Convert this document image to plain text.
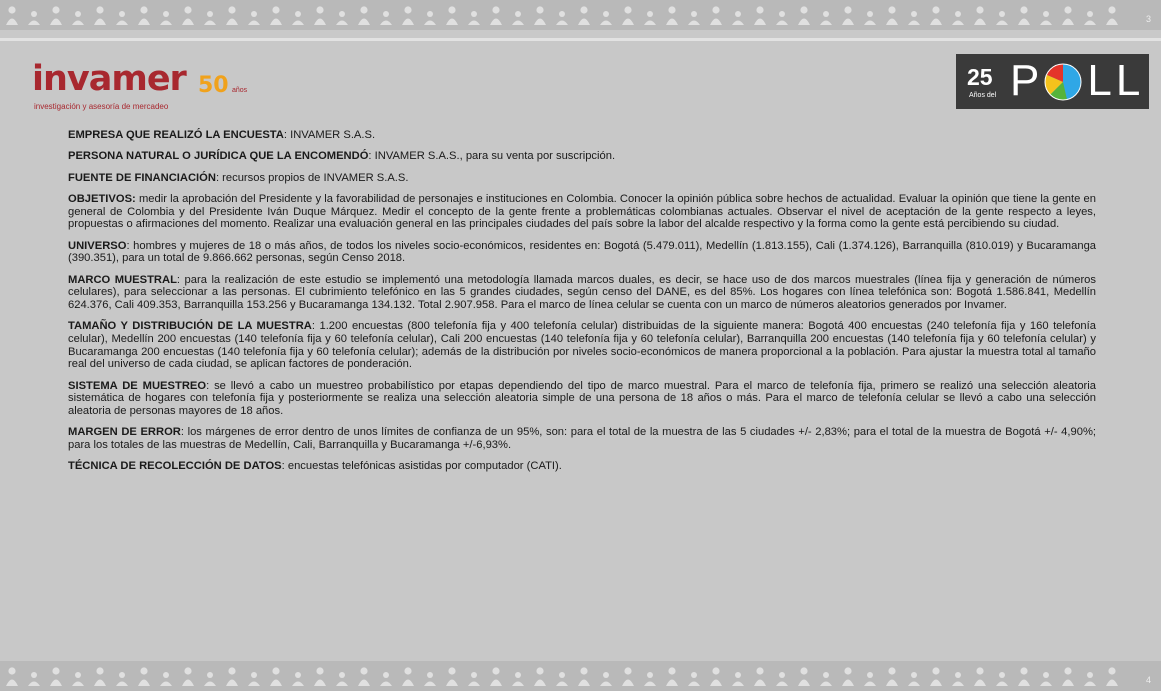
3
invamer 50 años
investigación y asesoría de mercadeo
25
Años del P LL

EMPRESA QUE REALIZÓ LA ENCUESTA: INVAMER S.A.S.

PERSONA NATURAL O JURÍDICA QUE LA ENCOMENDÓ: INVAMER S.A.S., para su venta por suscripción.

FUENTE DE FINANCIACIÓN: recursos propios de INVAMER S.A.S.

OBJETIVOS: medir la aprobación del Presidente y la favorabilidad de personajes e instituciones en Colombia. Conocer la opinión pública sobre hechos de actualidad. Evaluar la opinión que tiene la gente en general de Colombia y del Presidente Iván Duque Márquez. Medir el concepto de la gente frente a problemáticas colombianas actuales. Observar el nivel de aceptación de la gente respecto a leyes, propuestas o afirmaciones del momento. Realizar una evaluación general en las principales ciudades del país sobre la labor del alcalde respectivo y la forma como la gente está percibiendo su ciudad.

UNIVERSO: hombres y mujeres de 18 o más años, de todos los niveles socio-económicos, residentes en: Bogotá (5.479.011), Medellín (1.813.155), Cali (1.374.126), Barranquilla (810.019) y Bucaramanga (390.351), para un total de 9.866.662 personas, según Censo 2018.

MARCO MUESTRAL: para la realización de este estudio se implementó una metodología llamada marcos duales, es decir, se hace uso de dos marcos muestrales (línea fija y generación de números celulares), para seleccionar a las personas. El cubrimiento telefónico en las 5 grandes ciudades, según censo del DANE, es del 85%. Los hogares con línea telefónica son: Bogotá 1.586.841, Medellín 624.376, Cali 409.353, Barranquilla 153.256 y Bucaramanga 134.132. Total 2.907.958. Para el marco de línea celular se cuenta con un marco de números aleatorios generados por Invamer.

TAMAÑO Y DISTRIBUCIÓN DE LA MUESTRA: 1.200 encuestas (800 telefonía fija y 400 telefonía celular) distribuidas de la siguiente manera: Bogotá 400 encuestas (240 telefonía fija y 160 telefonía celular), Medellín 200 encuestas (140 telefonía fija y 60 telefonía celular), Cali 200 encuestas (140 telefonía fija y 60 telefonía celular), Barranquilla 200 encuestas (140 telefonía fija y 60 telefonía celular) y Bucaramanga 200 encuestas (140 telefonía fija y 60 telefonía celular); además de la distribución por niveles socio-económicos de manera proporcional a la población. Para ajustar la muestra total al tamaño real del universo de cada ciudad, se aplican factores de ponderación.

SISTEMA DE MUESTREO: se llevó a cabo un muestreo probabilístico por etapas dependiendo del tipo de marco muestral. Para el marco de telefonía fija, primero se realizó una selección aleatoria sistemática de hogares con telefonía fija y posteriormente se realiza una selección aleatoria simple de una persona de 18 años o más. Para el marco de telefonía celular se llevó a cabo una selección aleatoria de personas mayores de 18 años.

MARGEN DE ERROR: los márgenes de error dentro de unos límites de confianza de un 95%, son: para el total de la muestra de las 5 ciudades +/- 2,83%; para el total de la muestra de Bogotá +/- 4,90%; para los totales de las muestras de Medellín, Cali, Barranquilla y Bucaramanga +/-6,93%.

TÉCNICA DE RECOLECCIÓN DE DATOS: encuestas telefónicas asistidas por computador (CATI).

4
